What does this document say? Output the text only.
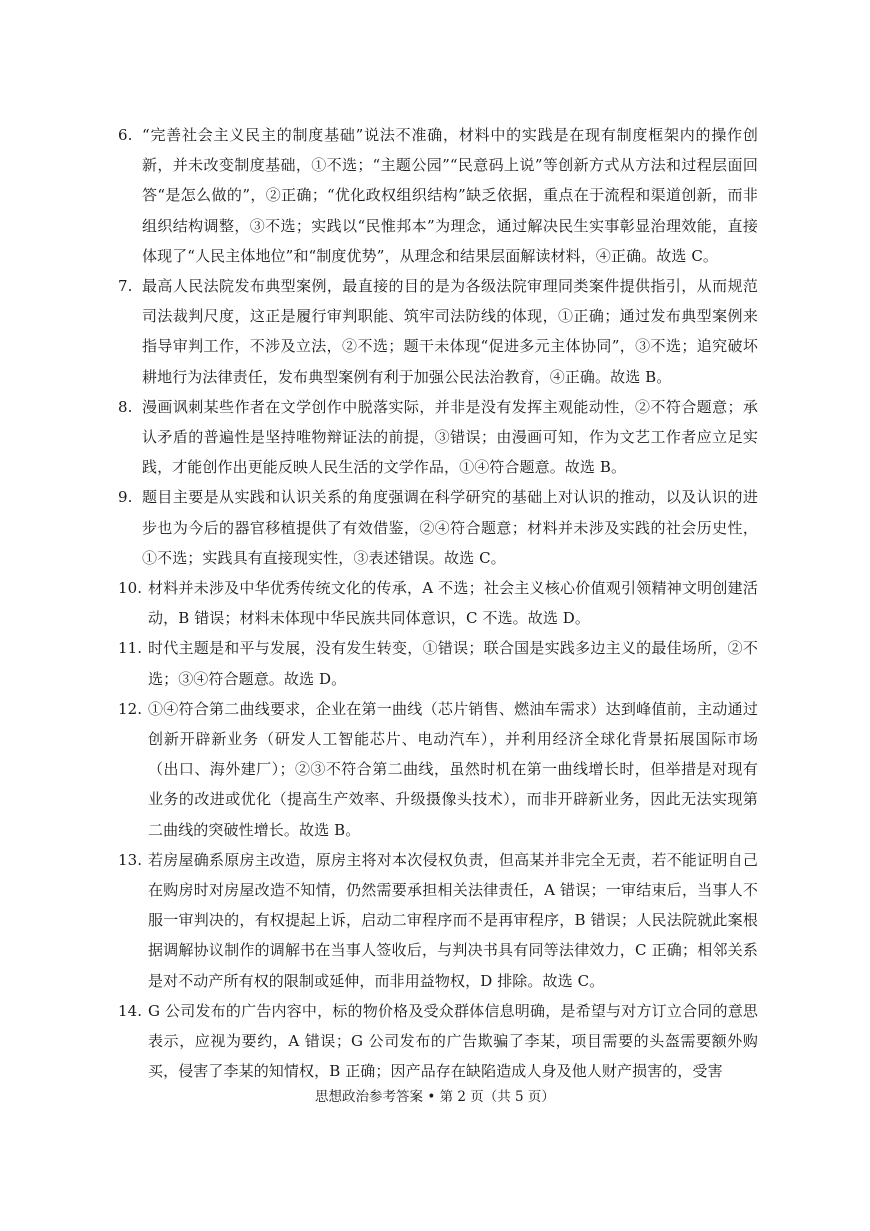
6. “完善社会主义民主的制度基础”说法不准确，材料中的实践是在现有制度框架内的操作创新，并未改变制度基础，①不选；“主题公园”“民意码上说”等创新方式从方法和过程层面回答“是怎么做的”，②正确；“优化政权组织结构”缺乏依据，重点在于流程和渠道创新，而非组织结构调整，③不选；实践以“民惟邦本”为理念，通过解决民生实事彰显治理效能，直接体现了“人民主体地位”和“制度优势”，从理念和结果层面解读材料，④正确。故选 C。
7. 最高人民法院发布典型案例，最直接的目的是为各级法院审理同类案件提供指引，从而规范司法裁判尺度，这正是履行审判职能、筑牢司法防线的体现，①正确；通过发布典型案例来指导审判工作，不涉及立法，②不选；题干未体现“促进多元主体协同”，③不选；追究破坏耕地行为法律责任，发布典型案例有利于加强公民法治教育，④正确。故选 B。
8. 漫画讽刺某些作者在文学创作中脱落实际，并非是没有发挥主观能动性，②不符合题意；承认矛盾的普遍性是坚持唯物辩证法的前提，③错误；由漫画可知，作为文艺工作者应立足实践，才能创作出更能反映人民生活的文学作品，①④符合题意。故选 B。
9. 题目主要是从实践和认识关系的角度强调在科学研究的基础上对认识的推动，以及认识的进步也为今后的器官移植提供了有效借鉴，②④符合题意；材料并未涉及实践的社会历史性，①不选；实践具有直接现实性，③表述错误。故选 C。
10. 材料并未涉及中华优秀传统文化的传承，A 不选；社会主义核心价值观引领精神文明创建活动，B 错误；材料未体现中华民族共同体意识，C 不选。故选 D。
11. 时代主题是和平与发展，没有发生转变，①错误；联合国是实践多边主义的最佳场所，②不选；③④符合题意。故选 D。
12. ①④符合第二曲线要求，企业在第一曲线（芯片销售、燃油车需求）达到峰值前，主动通过创新开辟新业务（研发人工智能芯片、电动汽车），并利用经济全球化背景拓展国际市场（出口、海外建厂）；②③不符合第二曲线，虽然时机在第一曲线增长时，但举措是对现有业务的改进或优化（提高生产效率、升级摄像头技术），而非开辟新业务，因此无法实现第二曲线的突破性增长。故选 B。
13. 若房屋确系原房主改造，原房主将对本次侵权负责，但高某并非完全无责，若不能证明自己在购房时对房屋改造不知情，仍然需要承担相关法律责任，A 错误；一审结束后，当事人不服一审判决的，有权提起上诉，启动二审程序而不是再审程序，B 错误；人民法院就此案根据调解协议制作的调解书在当事人签收后，与判决书具有同等法律效力，C 正确；相邻关系是对不动产所有权的限制或延伸，而非用益物权，D 排除。故选 C。
14. G 公司发布的广告内容中，标的物价格及受众群体信息明确，是希望与对方订立合同的意思表示，应视为要约，A 错误；G 公司发布的广告欺骗了李某，项目需要的头盔需要额外购买，侵害了李某的知情权，B 正确；因产品存在缺陷造成人身及他人财产损害的，受害
思想政治参考答案 • 第 2 页（共 5 页）
